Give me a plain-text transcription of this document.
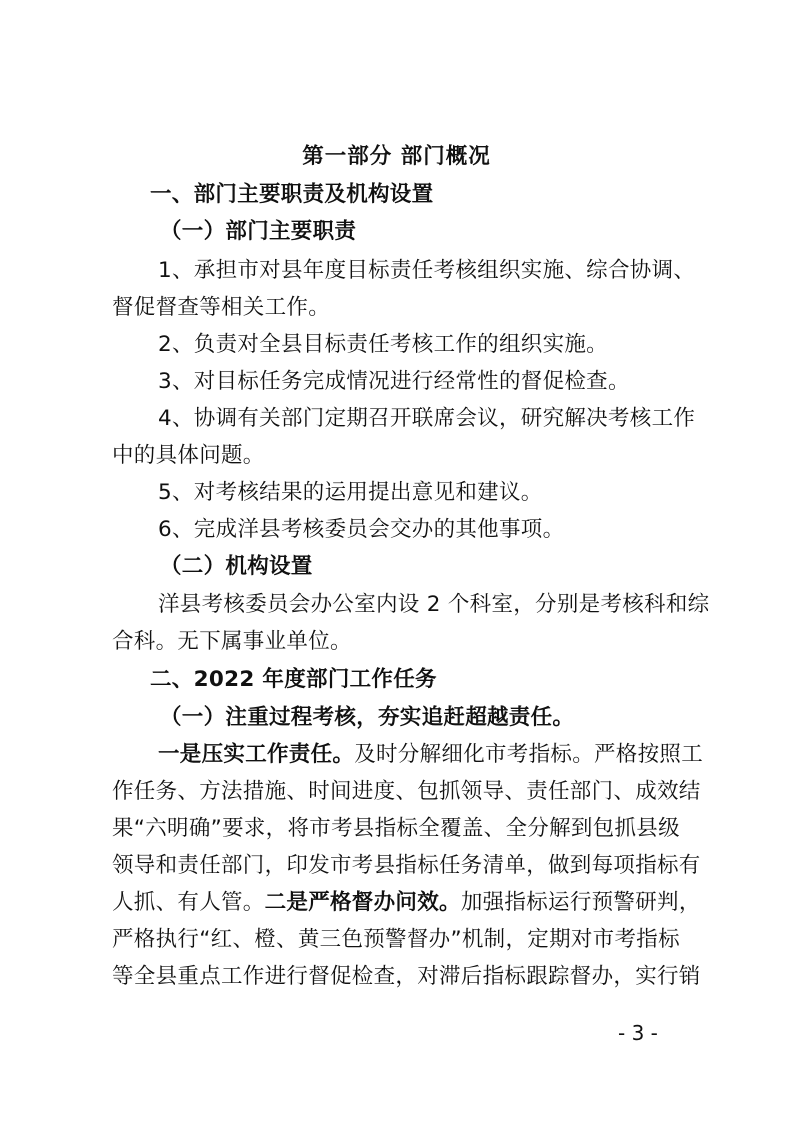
第一部分 部门概况
一、部门主要职责及机构设置
（一）部门主要职责
1、承担市对县年度目标责任考核组织实施、综合协调、
督促督查等相关工作。
2、负责对全县目标责任考核工作的组织实施。
3、对目标任务完成情况进行经常性的督促检查。
4、协调有关部门定期召开联席会议，研究解决考核工作
中的具体问题。
5、对考核结果的运用提出意见和建议。
6、完成洋县考核委员会交办的其他事项。
（二）机构设置
洋县考核委员会办公室内设 2 个科室，分别是考核科和综
合科。无下属事业单位。
二、2022 年度部门工作任务
（一）注重过程考核，夯实追赶超越责任。
一是压实工作责任。及时分解细化市考指标。严格按照工
作任务、方法措施、时间进度、包抓领导、责任部门、成效结
果“六明确”要求，将市考县指标全覆盖、全分解到包抓县级
领导和责任部门，印发市考县指标任务清单，做到每项指标有
人抓、有人管。二是严格督办问效。加强指标运行预警研判，
严格执行“红、橙、黄三色预警督办”机制，定期对市考指标
等全县重点工作进行督促检查，对滞后指标跟踪督办，实行销
- 3 -
